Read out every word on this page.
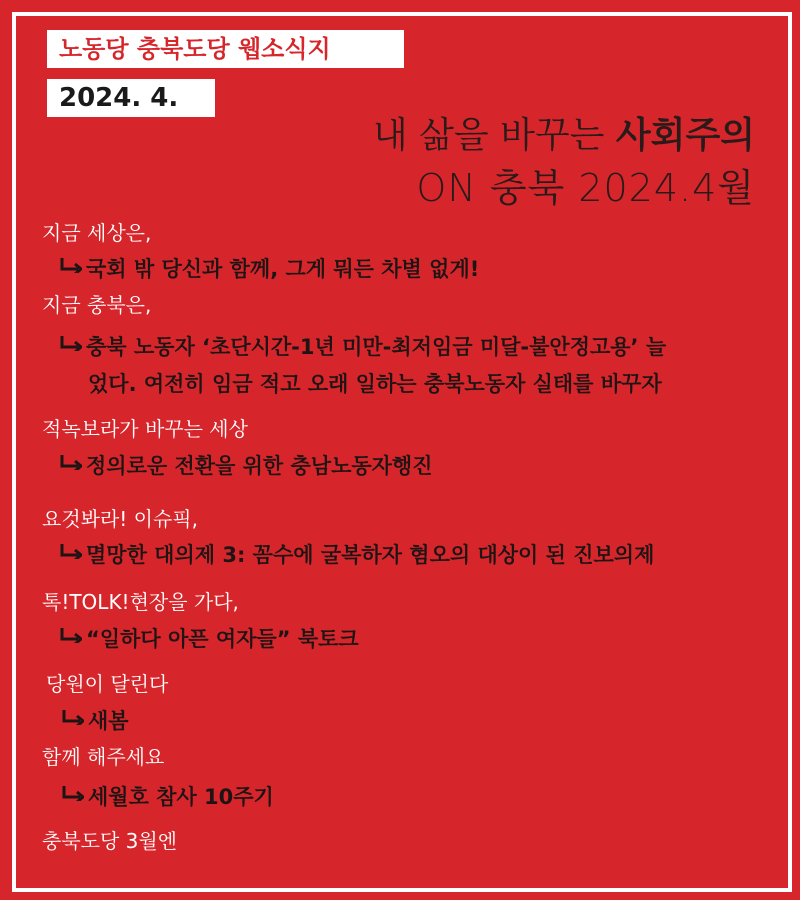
노동당 충북도당 웹소식지
2024. 4.
내 삶을 바꾸는 사회주의
ON 충북 2024.4월
지금 세상은,
국회 밖 당신과 함께, 그게 뭐든 차별 없게!
지금 충북은,
충북 노동자 ‘초단시간-1년 미만-최저임금 미달-불안정고용’ 늘
었다. 여전히 임금 적고 오래 일하는 충북노동자 실태를 바꾸자
적녹보라가 바꾸는 세상
정의로운 전환을 위한 충남노동자행진
요것봐라! 이슈픽,
멸망한 대의제 3: 꼼수에 굴복하자 혐오의 대상이 된 진보의제
톡!TOLK!현장을 가다,
“일하다 아픈 여자들” 북토크
당원이 달린다
새봄
함께 해주세요
세월호 참사 10주기
충북도당 3월엔
